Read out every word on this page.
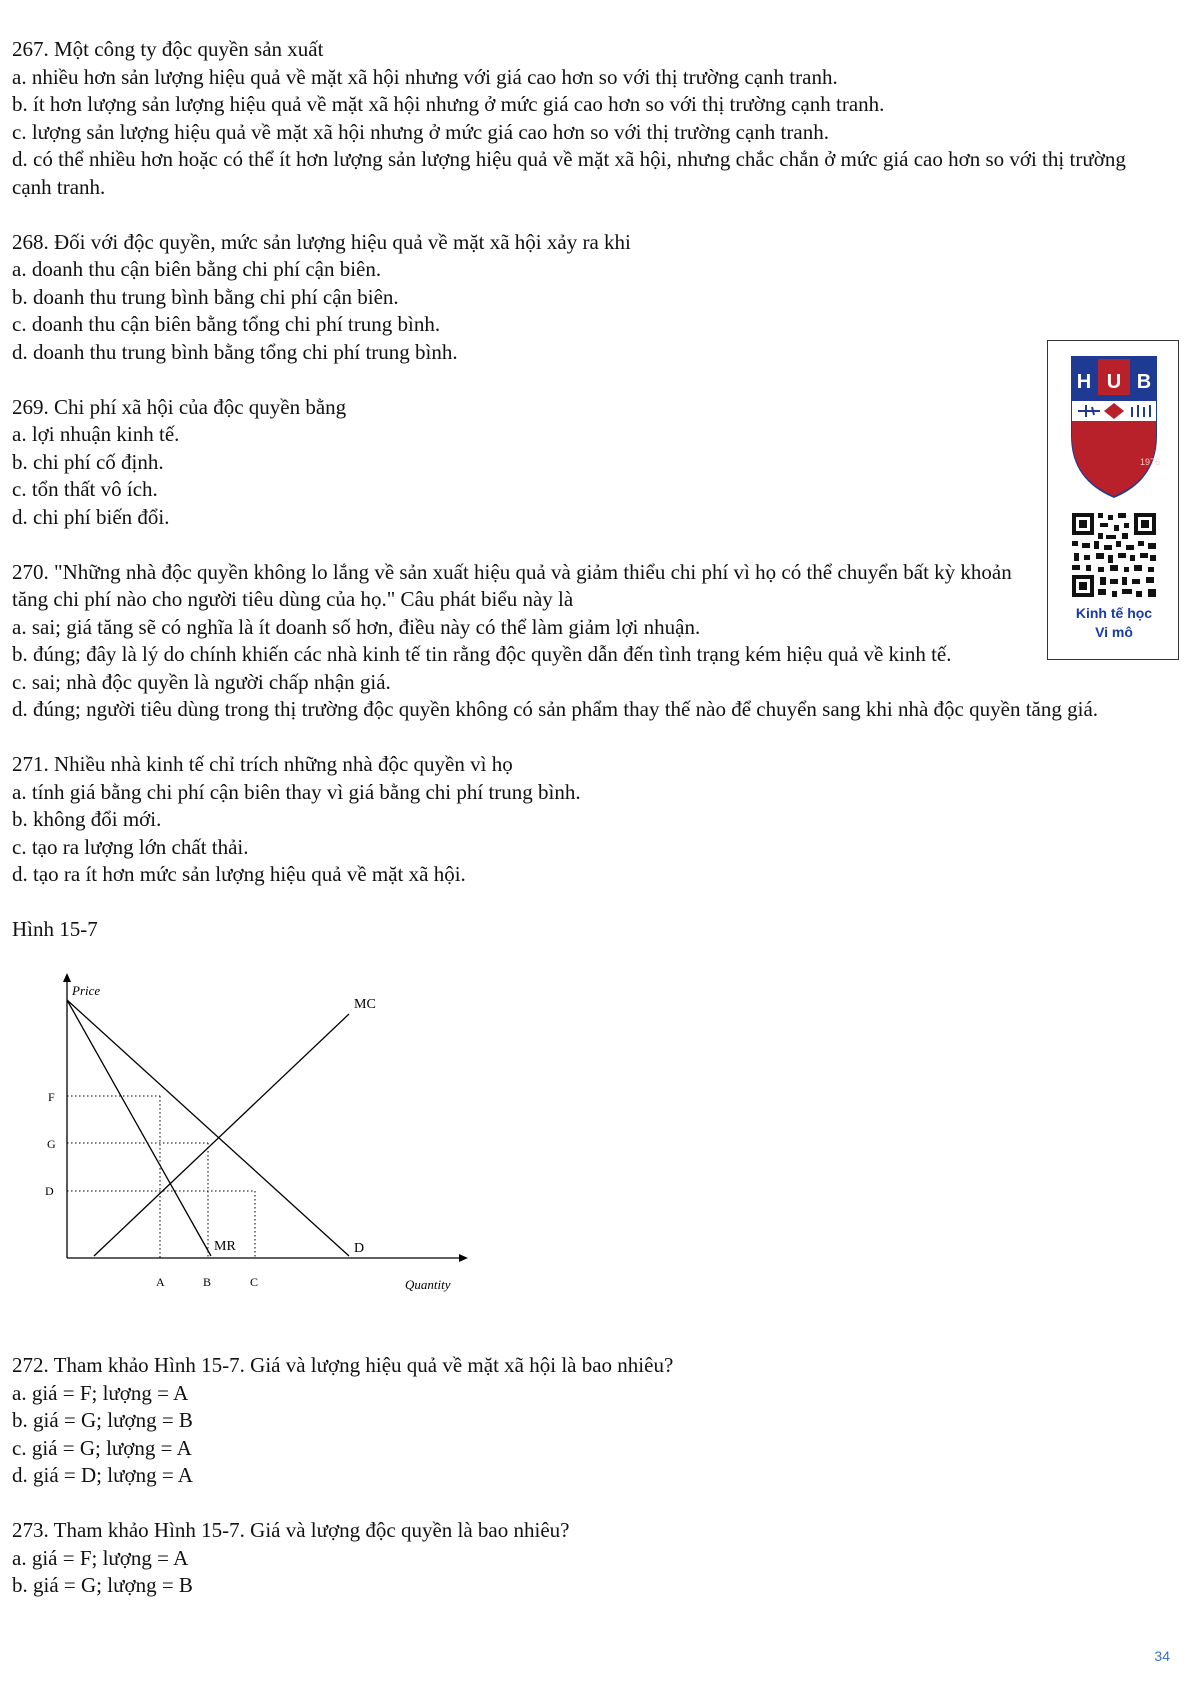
267. Một công ty độc quyền sản xuất
a. nhiều hơn sản lượng hiệu quả về mặt xã hội nhưng với giá cao hơn so với thị trường cạnh tranh.
b. ít hơn lượng sản lượng hiệu quả về mặt xã hội nhưng ở mức giá cao hơn so với thị trường cạnh tranh.
c. lượng sản lượng hiệu quả về mặt xã hội nhưng ở mức giá cao hơn so với thị trường cạnh tranh.
d. có thể nhiều hơn hoặc có thể ít hơn lượng sản lượng hiệu quả về mặt xã hội, nhưng chắc chắn ở mức giá cao hơn so với thị trường cạnh tranh.
268. Đối với độc quyền, mức sản lượng hiệu quả về mặt xã hội xảy ra khi
a. doanh thu cận biên bằng chi phí cận biên.
b. doanh thu trung bình bằng chi phí cận biên.
c. doanh thu cận biên bằng tổng chi phí trung bình.
d. doanh thu trung bình bằng tổng chi phí trung bình.
269. Chi phí xã hội của độc quyền bằng
a. lợi nhuận kinh tế.
b. chi phí cố định.
c. tổn thất vô ích.
d. chi phí biến đổi.
270. "Những nhà độc quyền không lo lắng về sản xuất hiệu quả và giảm thiểu chi phí vì họ có thể chuyển bất kỳ khoản tăng chi phí nào cho người tiêu dùng của họ." Câu phát biểu này là
a. sai; giá tăng sẽ có nghĩa là ít doanh số hơn, điều này có thể làm giảm lợi nhuận.
b. đúng; đây là lý do chính khiến các nhà kinh tế tin rằng độc quyền dẫn đến tình trạng kém hiệu quả về kinh tế.
c. sai; nhà độc quyền là người chấp nhận giá.
d. đúng; người tiêu dùng trong thị trường độc quyền không có sản phẩm thay thế nào để chuyển sang khi nhà độc quyền tăng giá.
271. Nhiều nhà kinh tế chỉ trích những nhà độc quyền vì họ
a. tính giá bằng chi phí cận biên thay vì giá bằng chi phí trung bình.
b. không đổi mới.
c. tạo ra lượng lớn chất thải.
d. tạo ra ít hơn mức sản lượng hiệu quả về mặt xã hội.
Hình 15-7
Price
Quantity
MC
MR	D
F
G
D
A	B	C
272. Tham khảo Hình 15-7. Giá và lượng hiệu quả về mặt xã hội là bao nhiêu?
a. giá = F; lượng = A
b. giá = G; lượng = B
c. giá = G; lượng = A
d. giá = D; lượng = A
273. Tham khảo Hình 15-7. Giá và lượng độc quyền là bao nhiêu?
a. giá = F; lượng = A
b. giá = G; lượng = B
H U B
1976
Kinh tế học
Vi mô
34
